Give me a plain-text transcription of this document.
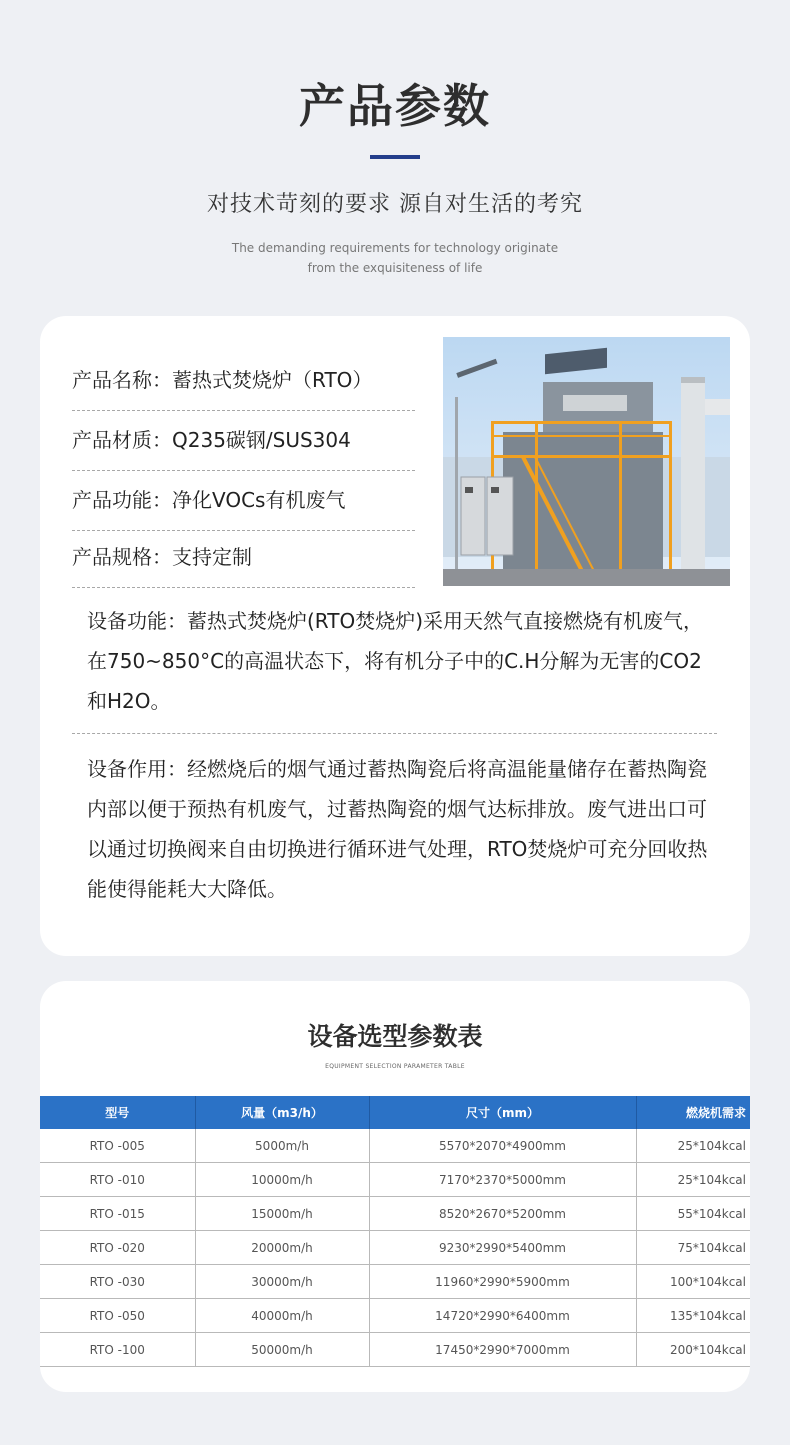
产品参数
对技术苛刻的要求 源自对生活的考究
The demanding requirements for technology originate
from the exquisiteness of life
产品名称：蓄热式焚烧炉（RTO）
产品材质：Q235碳钢/SUS304
产品功能：净化VOCs有机废气
产品规格：支持定制

设备功能：蓄热式焚烧炉(RTO焚烧炉)采用天然气直接燃烧有机废气，在750~850°C的高温状态下，将有机分子中的C.H分解为无害的CO2和H2O。

设备作用：经燃烧后的烟气通过蓄热陶瓷后将高温能量储存在蓄热陶瓷内部以便于预热有机废气，过蓄热陶瓷的烟气达标排放。废气进出口可以通过切换阀来自由切换进行循环进气处理，RTO焚烧炉可充分回收热能使得能耗大大降低。

设备选型参数表
EQUIPMENT SELECTION PARAMETER TABLE
型号	风量（m3/h）	尺寸（mm）	燃烧机需求
RTO -005	5000m/h	5570*2070*4900mm	25*104kcal
RTO -010	10000m/h	7170*2370*5000mm	25*104kcal
RTO -015	15000m/h	8520*2670*5200mm	55*104kcal
RTO -020	20000m/h	9230*2990*5400mm	75*104kcal
RTO -030	30000m/h	11960*2990*5900mm	100*104kcal
RTO -050	40000m/h	14720*2990*6400mm	135*104kcal
RTO -100	50000m/h	17450*2990*7000mm	200*104kcal
